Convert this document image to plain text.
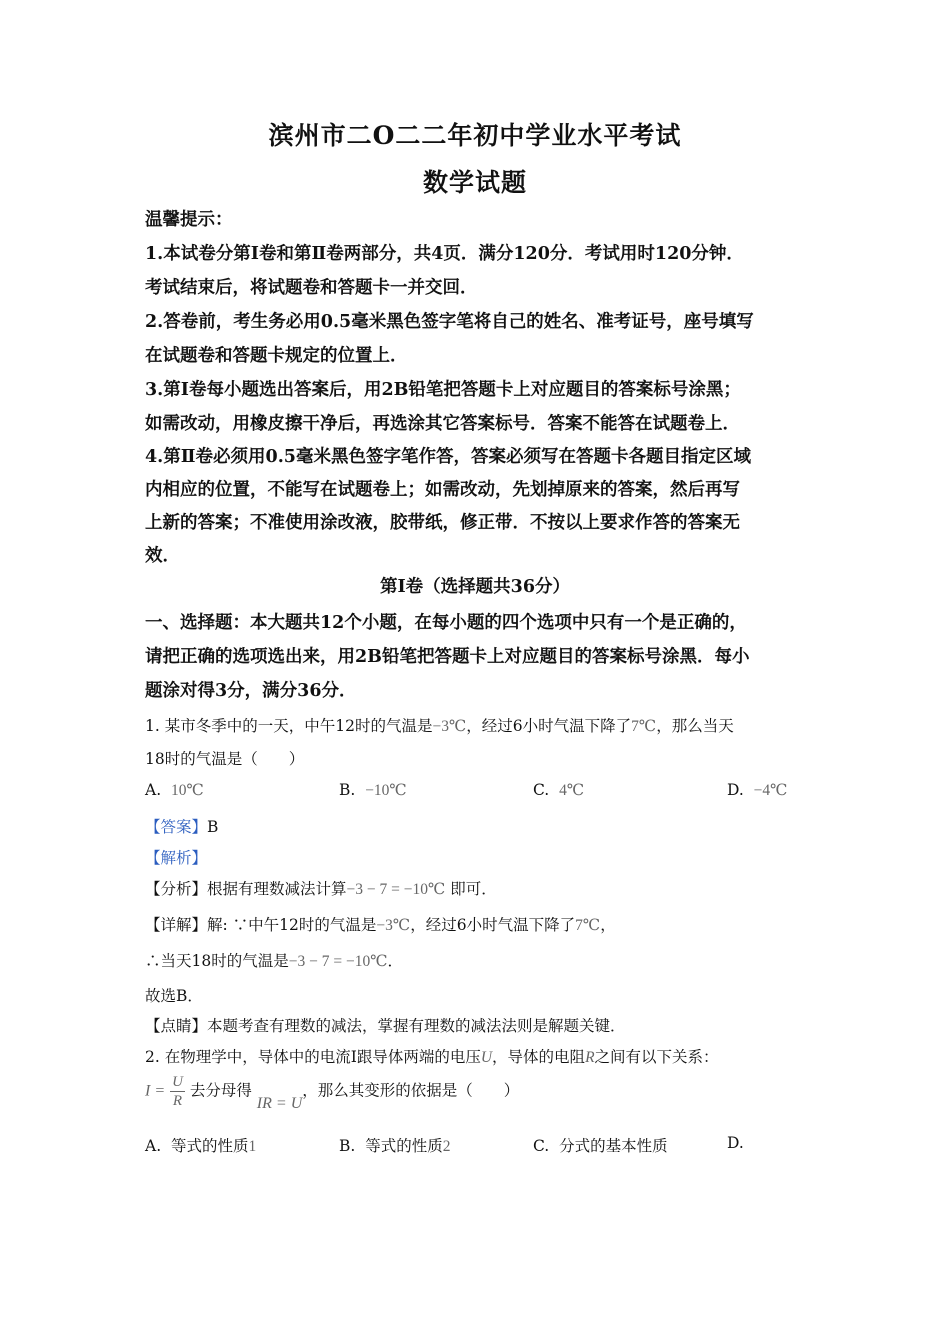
滨州市二O二二年初中学业水平考试
数学试题
温馨提示：
1.本试卷分第Ⅰ卷和第Ⅱ卷两部分，共4页．满分120分．考试用时120分钟．
考试结束后，将试题卷和答题卡一并交回．
2.答卷前，考生务必用0.5毫米黑色签字笔将自己的姓名、准考证号，座号填写
在试题卷和答题卡规定的位置上．
3.第Ⅰ卷每小题选出答案后，用2B铅笔把答题卡上对应题目的答案标号涂黑；
如需改动，用橡皮擦干净后，再选涂其它答案标号．答案不能答在试题卷上．
4.第Ⅱ卷必须用0.5毫米黑色签字笔作答，答案必须写在答题卡各题目指定区域
内相应的位置，不能写在试题卷上；如需改动，先划掉原来的答案，然后再写
上新的答案；不准使用涂改液，胶带纸，修正带．不按以上要求作答的答案无
效．
第Ⅰ卷（选择题共36分）
一、选择题：本大题共12个小题，在每小题的四个选项中只有一个是正确的，
请把正确的选项选出来，用2B铅笔把答题卡上对应题目的答案标号涂黑．每小
题涂对得3分，满分36分．
1. 某市冬季中的一天，中午12时的气温是−3℃，经过6小时气温下降了7℃，那么当天
18时的气温是（　　）
A. 10℃	B. −10℃	C. 4℃	D. −4℃
【答案】B
【解析】
【分析】根据有理数减法计算−3 − 7 = −10℃ 即可．
【详解】解: ∵中午12时的气温是−3℃，经过6小时气温下降了7℃，
∴当天18时的气温是−3 − 7 = −10℃．
故选B．
【点睛】本题考查有理数的减法，掌握有理数的减法法则是解题关键．
2. 在物理学中，导体中的电流Ⅰ跟导体两端的电压U，导体的电阻R之间有以下关系：
$I = \frac{U}{R}$ 去分母得 IR = U，那么其变形的依据是（　　）
A. 等式的性质1	B. 等式的性质2	C. 分式的基本性质	D.
